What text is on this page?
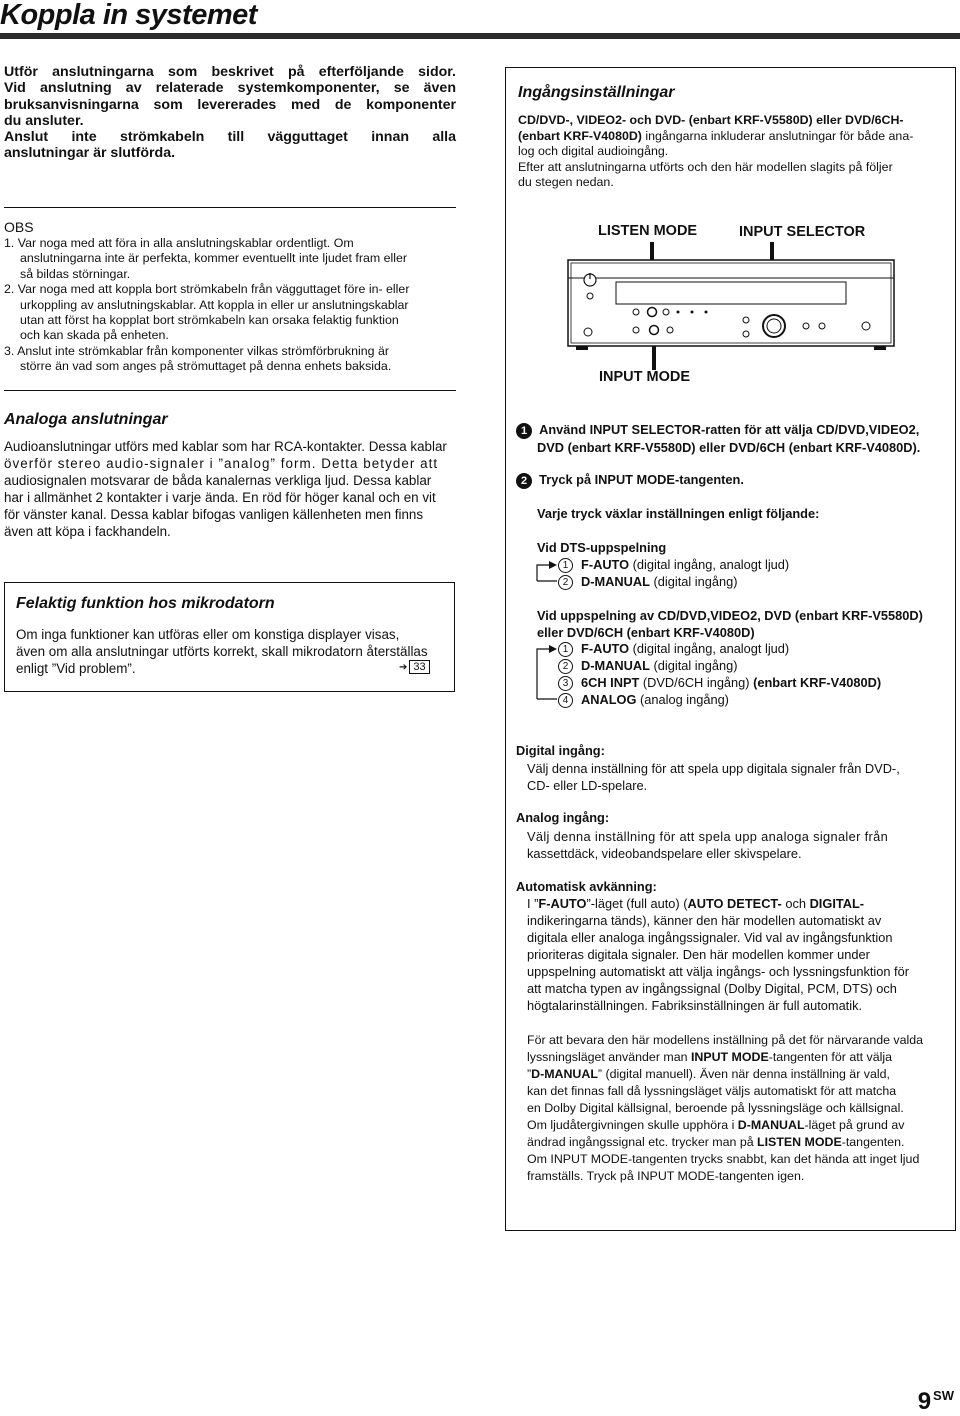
Koppla in systemet
Utför anslutningarna som beskrivet på efterföljande sidor.
Vid anslutning av relaterade systemkomponenter, se även
bruksanvisningarna som levererades med de komponenter
du ansluter.
Anslut inte strömkabeln till vägguttaget innan alla
anslutningar är slutförda.
OBS
1. Var noga med att föra in alla anslutningskablar ordentligt. Om
anslutningarna inte är perfekta, kommer eventuellt inte ljudet fram eller
så bildas störningar.
2. Var noga med att koppla bort strömkabeln från vägguttaget före in- eller
urkoppling av anslutningskablar. Att koppla in eller ur anslutningskablar
utan att först ha kopplat bort strömkabeln kan orsaka felaktig funktion
och kan skada på enheten.
3. Anslut inte strömkablar från komponenter vilkas strömförbrukning är
större än vad som anges på strömuttaget på denna enhets baksida.
Analoga anslutningar
Audioanslutningar utförs med kablar som har RCA-kontakter. Dessa kablar
överför stereo audio-signaler i ”analog” form. Detta betyder att
audiosignalen motsvarar de båda kanalernas verkliga ljud. Dessa kablar
har i allmänhet 2 kontakter i varje ända. En röd för höger kanal och en vit
för vänster kanal. Dessa kablar bifogas vanligen källenheten men finns
även att köpa i fackhandeln.
Felaktig funktion hos mikrodatorn
Om inga funktioner kan utföras eller om konstiga displayer visas,
även om alla anslutningar utförts korrekt, skall mikrodatorn återställas
enligt ”Vid problem”.	➔ 33
Ingångsinställningar
CD/DVD-, VIDEO2- och DVD- (enbart KRF-V5580D) eller DVD/6CH-
(enbart KRF-V4080D) ingångarna inkluderar anslutningar för både ana-
log och digital audioingång.
Efter att anslutningarna utförts och den här modellen slagits på följer
du stegen nedan.
LISTEN MODE	INPUT SELECTOR
INPUT MODE
1 Använd INPUT SELECTOR-ratten för att välja CD/DVD,VIDEO2,
DVD (enbart KRF-V5580D) eller DVD/6CH (enbart KRF-V4080D).
2 Tryck på INPUT MODE-tangenten.
Varje tryck växlar inställningen enligt följande:
Vid DTS-uppspelning
1 F-AUTO (digital ingång, analogt ljud)
2 D-MANUAL (digital ingång)
Vid uppspelning av CD/DVD,VIDEO2, DVD (enbart KRF-V5580D)
eller DVD/6CH (enbart KRF-V4080D)
1 F-AUTO (digital ingång, analogt ljud)
2 D-MANUAL (digital ingång)
3 6CH INPT (DVD/6CH ingång) (enbart KRF-V4080D)
4 ANALOG (analog ingång)
Digital ingång:
Välj denna inställning för att spela upp digitala signaler från DVD-,
CD- eller LD-spelare.
Analog ingång:
Välj denna inställning för att spela upp analoga signaler från
kassettdäck, videobandspelare eller skivspelare.
Automatisk avkänning:
I ”F-AUTO”-läget (full auto) (AUTO DETECT- och DIGITAL-
indikeringarna tänds), känner den här modellen automatiskt av
digitala eller analoga ingångssignaler. Vid val av ingångsfunktion
prioriteras digitala signaler. Den här modellen kommer under
uppspelning automatiskt att välja ingångs- och lyssningsfunktion för
att matcha typen av ingångssignal (Dolby Digital, PCM, DTS) och
högtalarinställningen. Fabriksinställningen är full automatik.
För att bevara den här modellens inställning på det för närvarande valda
lyssningsläget använder man INPUT MODE-tangenten för att välja
”D-MANUAL” (digital manuell). Även när denna inställning är vald,
kan det finnas fall då lyssningsläget väljs automatiskt för att matcha
en Dolby Digital källsignal, beroende på lyssningsläge och källsignal.
Om ljudåtergivningen skulle upphöra i D-MANUAL-läget på grund av
ändrad ingångssignal etc. trycker man på LISTEN MODE-tangenten.
Om INPUT MODE-tangenten trycks snabbt, kan det hända att inget ljud
framställs. Tryck på INPUT MODE-tangenten igen.
9 $^{SW}$
